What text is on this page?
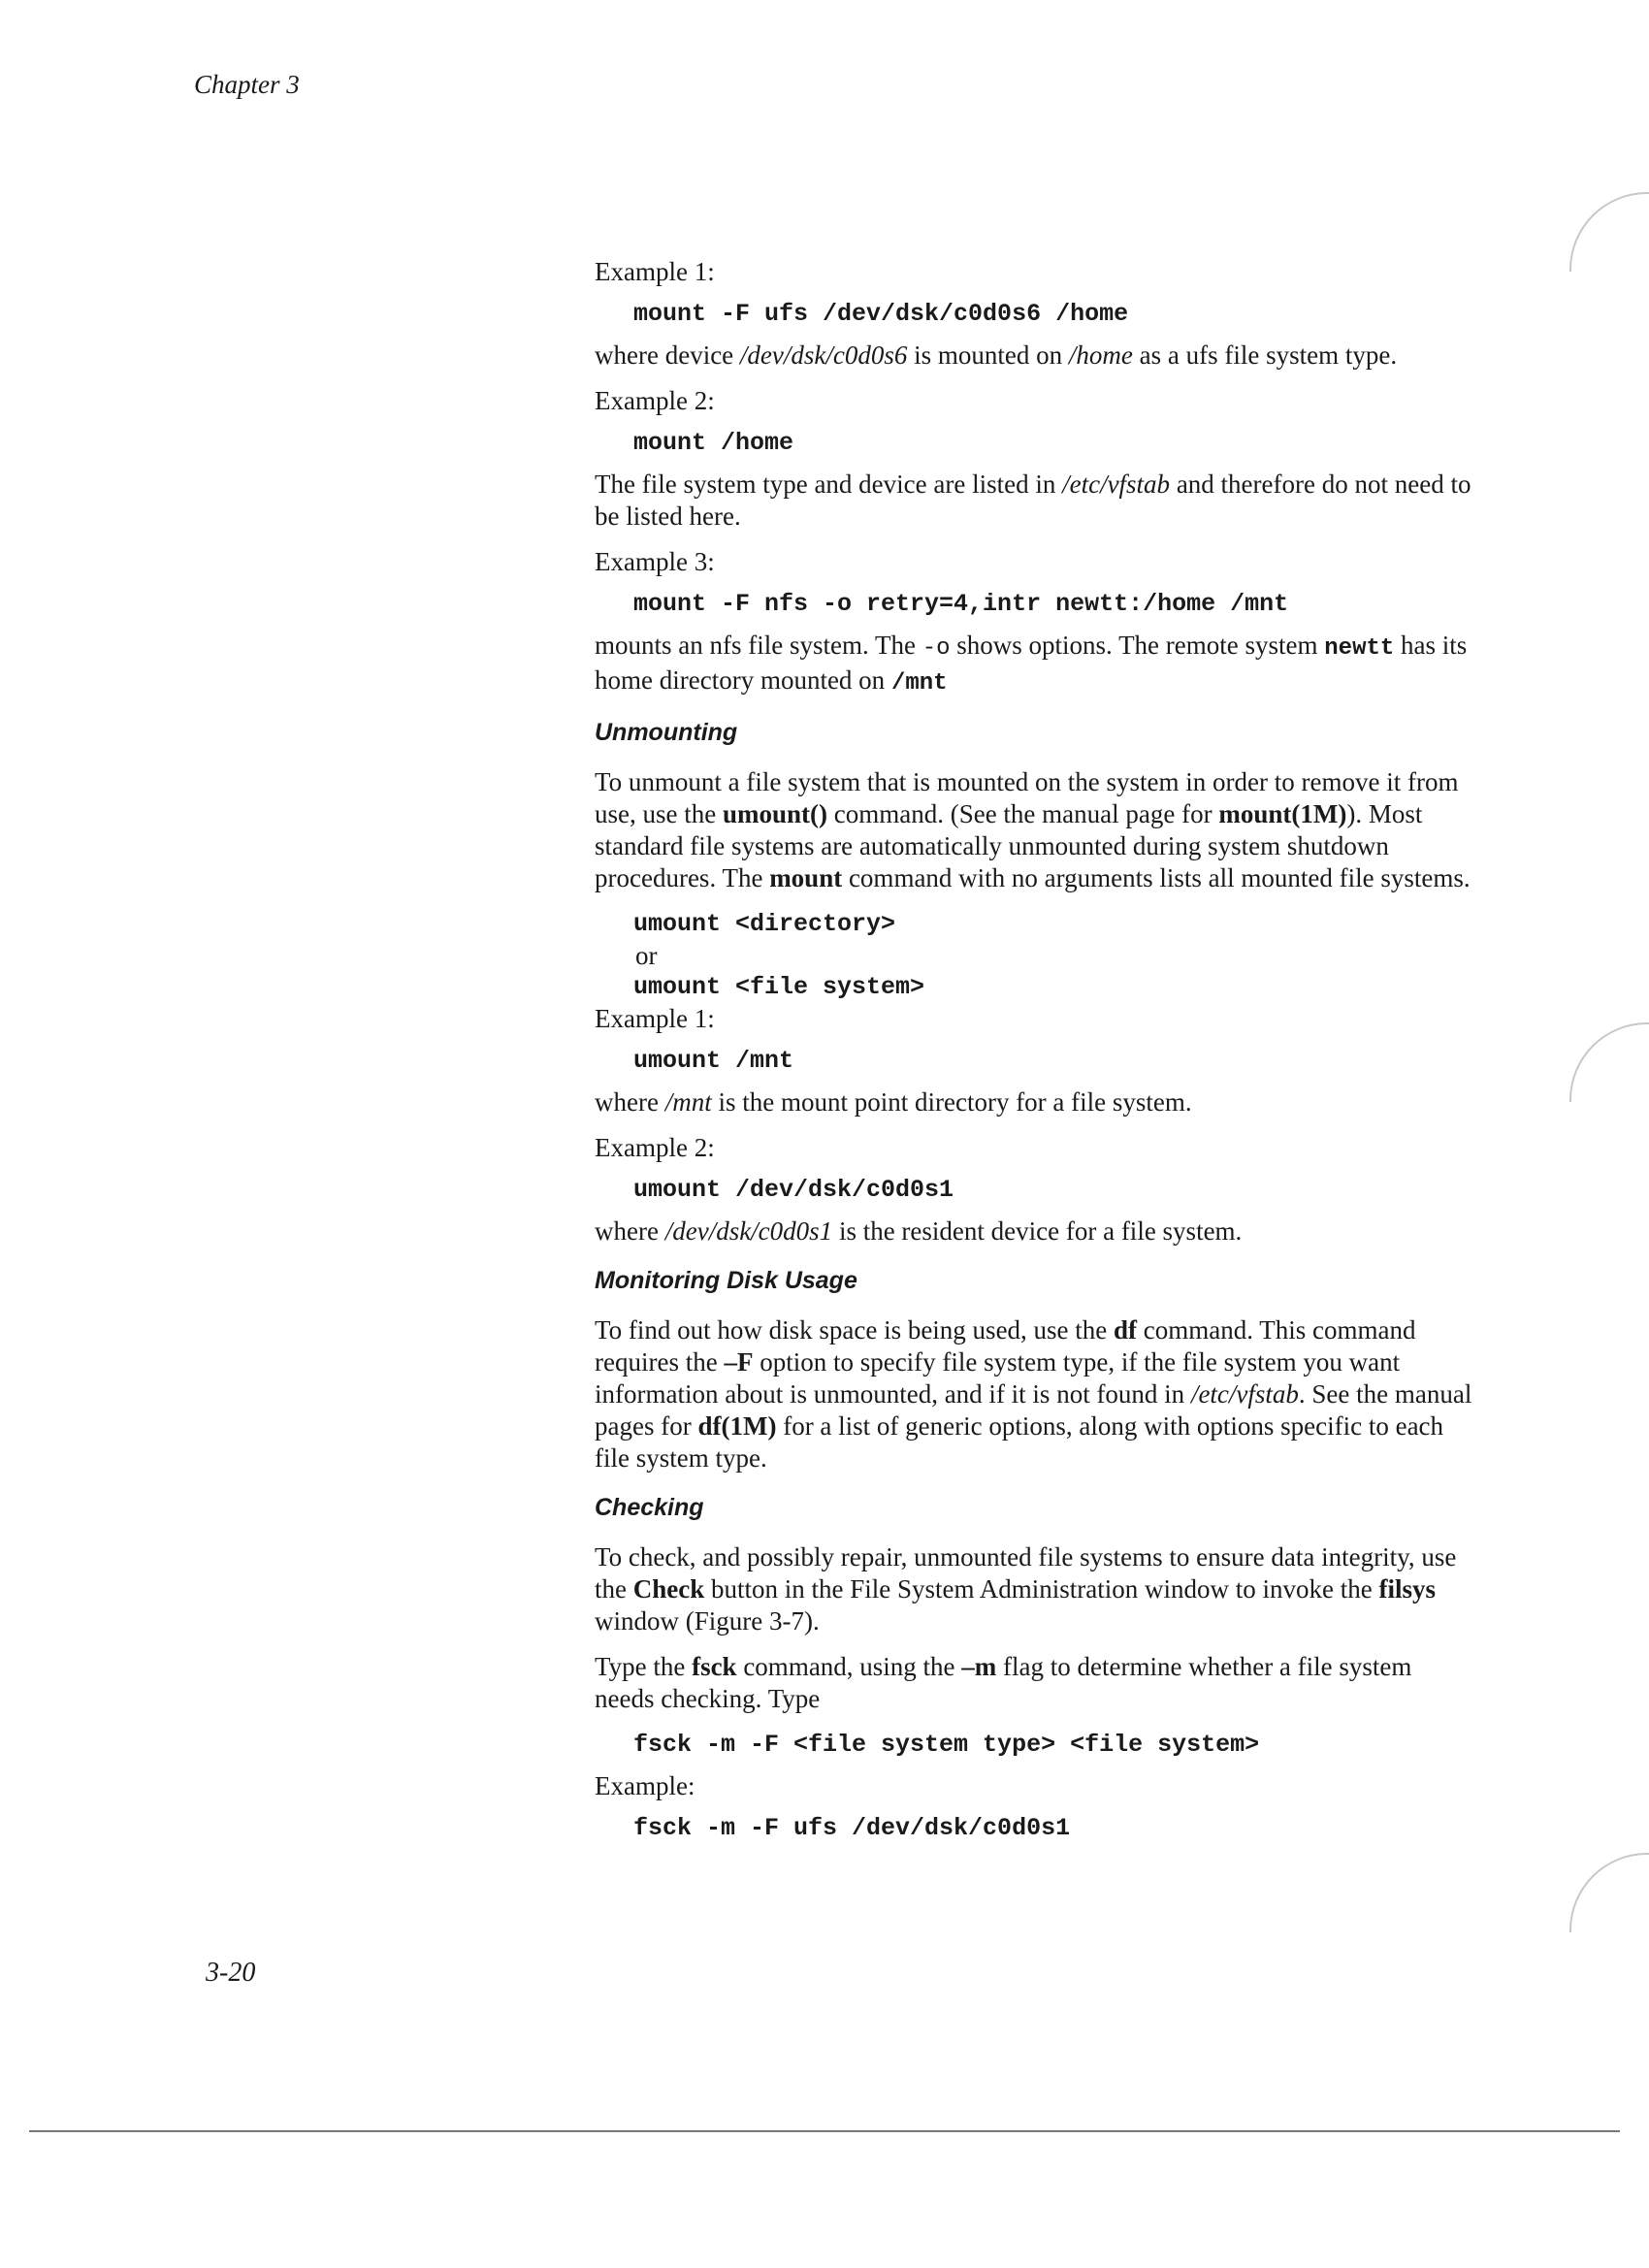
Chapter 3
Example 1:
mount -F ufs /dev/dsk/c0d0s6 /home

where device /dev/dsk/c0d0s6 is mounted on /home as a ufs file system type.

Example 2:
mount /home

The file system type and device are listed in /etc/vfstab and therefore do not need to be listed here.

Example 3:
mount -F nfs -o retry=4,intr newtt:/home /mnt

mounts an nfs file system. The -o shows options. The remote system newtt has its home directory mounted on /mnt

Unmounting

To unmount a file system that is mounted on the system in order to remove it from use, use the umount() command. (See the manual page for mount(1M)). Most standard file systems are automatically unmounted during system shutdown procedures. The mount command with no arguments lists all mounted file systems.

umount <directory>
or
umount <file system>
Example 1:
umount /mnt

where /mnt is the mount point directory for a file system.

Example 2:
umount /dev/dsk/c0d0s1

where /dev/dsk/c0d0s1 is the resident device for a file system.

Monitoring Disk Usage

To find out how disk space is being used, use the df command. This command requires the –F option to specify file system type, if the file system you want information about is unmounted, and if it is not found in /etc/vfstab. See the manual pages for df(1M) for a list of generic options, along with options specific to each file system type.

Checking

To check, and possibly repair, unmounted file systems to ensure data integrity, use the Check button in the File System Administration window to invoke the filsys window (Figure 3-7).

Type the fsck command, using the –m flag to determine whether a file system needs checking. Type

fsck -m -F <file system type> <file system>
Example:
fsck -m -F ufs /dev/dsk/c0d0s1
3-20
